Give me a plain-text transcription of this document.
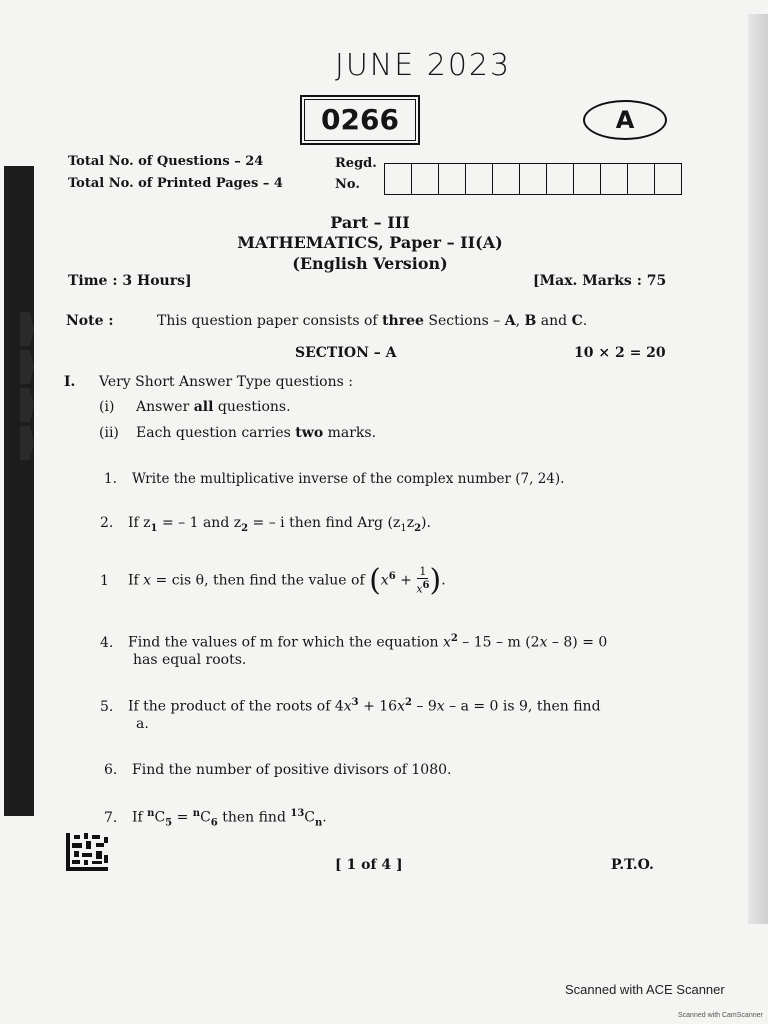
JUNE 2023
0266	A
Total No. of Questions – 24
Total No. of Printed Pages – 4
Regd.
No.
Part – III
MATHEMATICS, Paper – II(A)
(English Version)
Time : 3 Hours]	[Max. Marks : 75
Note :	This question paper consists of three Sections – A, B and C.
SECTION – A	10 × 2 = 20
I. Very Short Answer Type questions :
(i) Answer all questions.
(ii) Each question carries two marks.
1. Write the multiplicative inverse of the complex number (7, 24).
2. If $z_1$ = – 1 and $z_2$ = – i then find Arg $(z_1z_2)$.
1 If x = cis θ, then find the value of ($x^6 + \frac{1}{x^6}$ ).
4. Find the values of m for which the equation $x^2 - 15$ – m (2x – 8) = 0
has equal roots.
5. If the product of the roots of $4x^3 + 16x^2 - 9x - a = 0$ is 9, then find
a.
6. Find the number of positive divisors of 1080.
7. If $^nC_5 = ^nC_6$ then find $^{13}C_n$.
[ 1 of 4 ]	P.T.O.
Scanned with ACE Scanner
Scanned with CamScanner
